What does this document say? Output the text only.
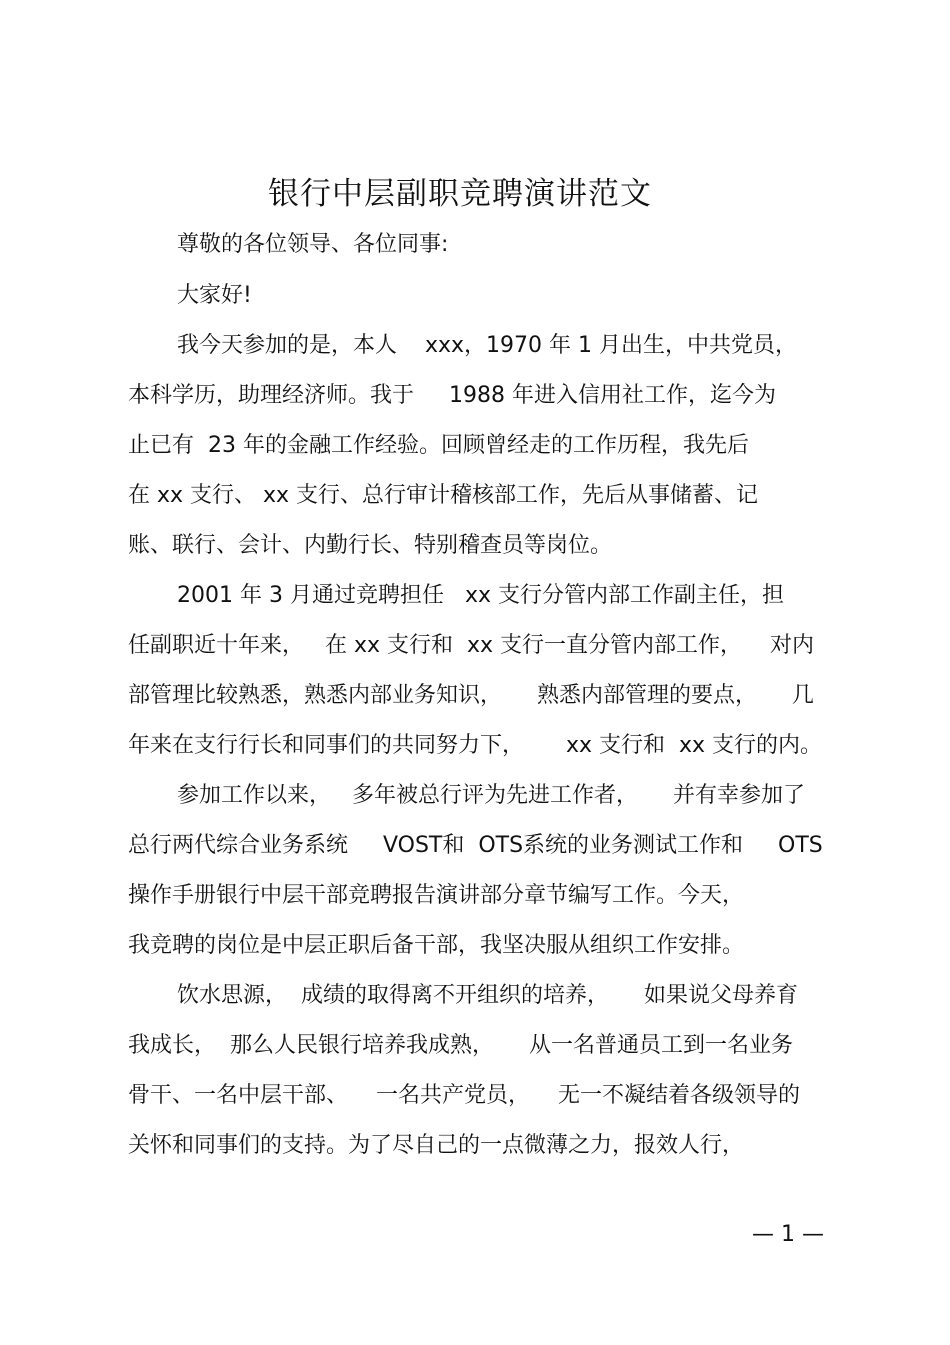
银行中层副职竞聘演讲范文
尊敬的各位领导、各位同事:
大家好!
我今天参加的是，本人    xxx，1970 年 1 月出生，中共党员，
本科学历，助理经济师。我于     1988 年进入信用社工作，迄今为
止已有  23 年的金融工作经验。回顾曾经走的工作历程，我先后
在 xx 支行、 xx 支行、总行审计稽核部工作，先后从事储蓄、记
账、联行、会计、内勤行长、特别稽查员等岗位。
2001 年 3 月通过竞聘担任   xx 支行分管内部工作副主任，担
任副职近十年来，   在 xx 支行和  xx 支行一直分管内部工作，    对内
部管理比较熟悉，熟悉内部业务知识，     熟悉内部管理的要点，     几
年来在支行行长和同事们的共同努力下，      xx 支行和  xx 支行的内。
参加工作以来，   多年被总行评为先进工作者，     并有幸参加了
总行两代综合业务系统     VOST和  OTS系统的业务测试工作和     OTS
操作手册银行中层干部竞聘报告演讲部分章节编写工作。今天，
我竞聘的岗位是中层正职后备干部，我坚决服从组织工作安排。
饮水思源，  成绩的取得离不开组织的培养，     如果说父母养育
我成长，  那么人民银行培养我成熟，     从一名普通员工到一名业务
骨干、一名中层干部、    一名共产党员，    无一不凝结着各级领导的
关怀和同事们的支持。为了尽自己的一点微薄之力，报效人行，
— 1 —
